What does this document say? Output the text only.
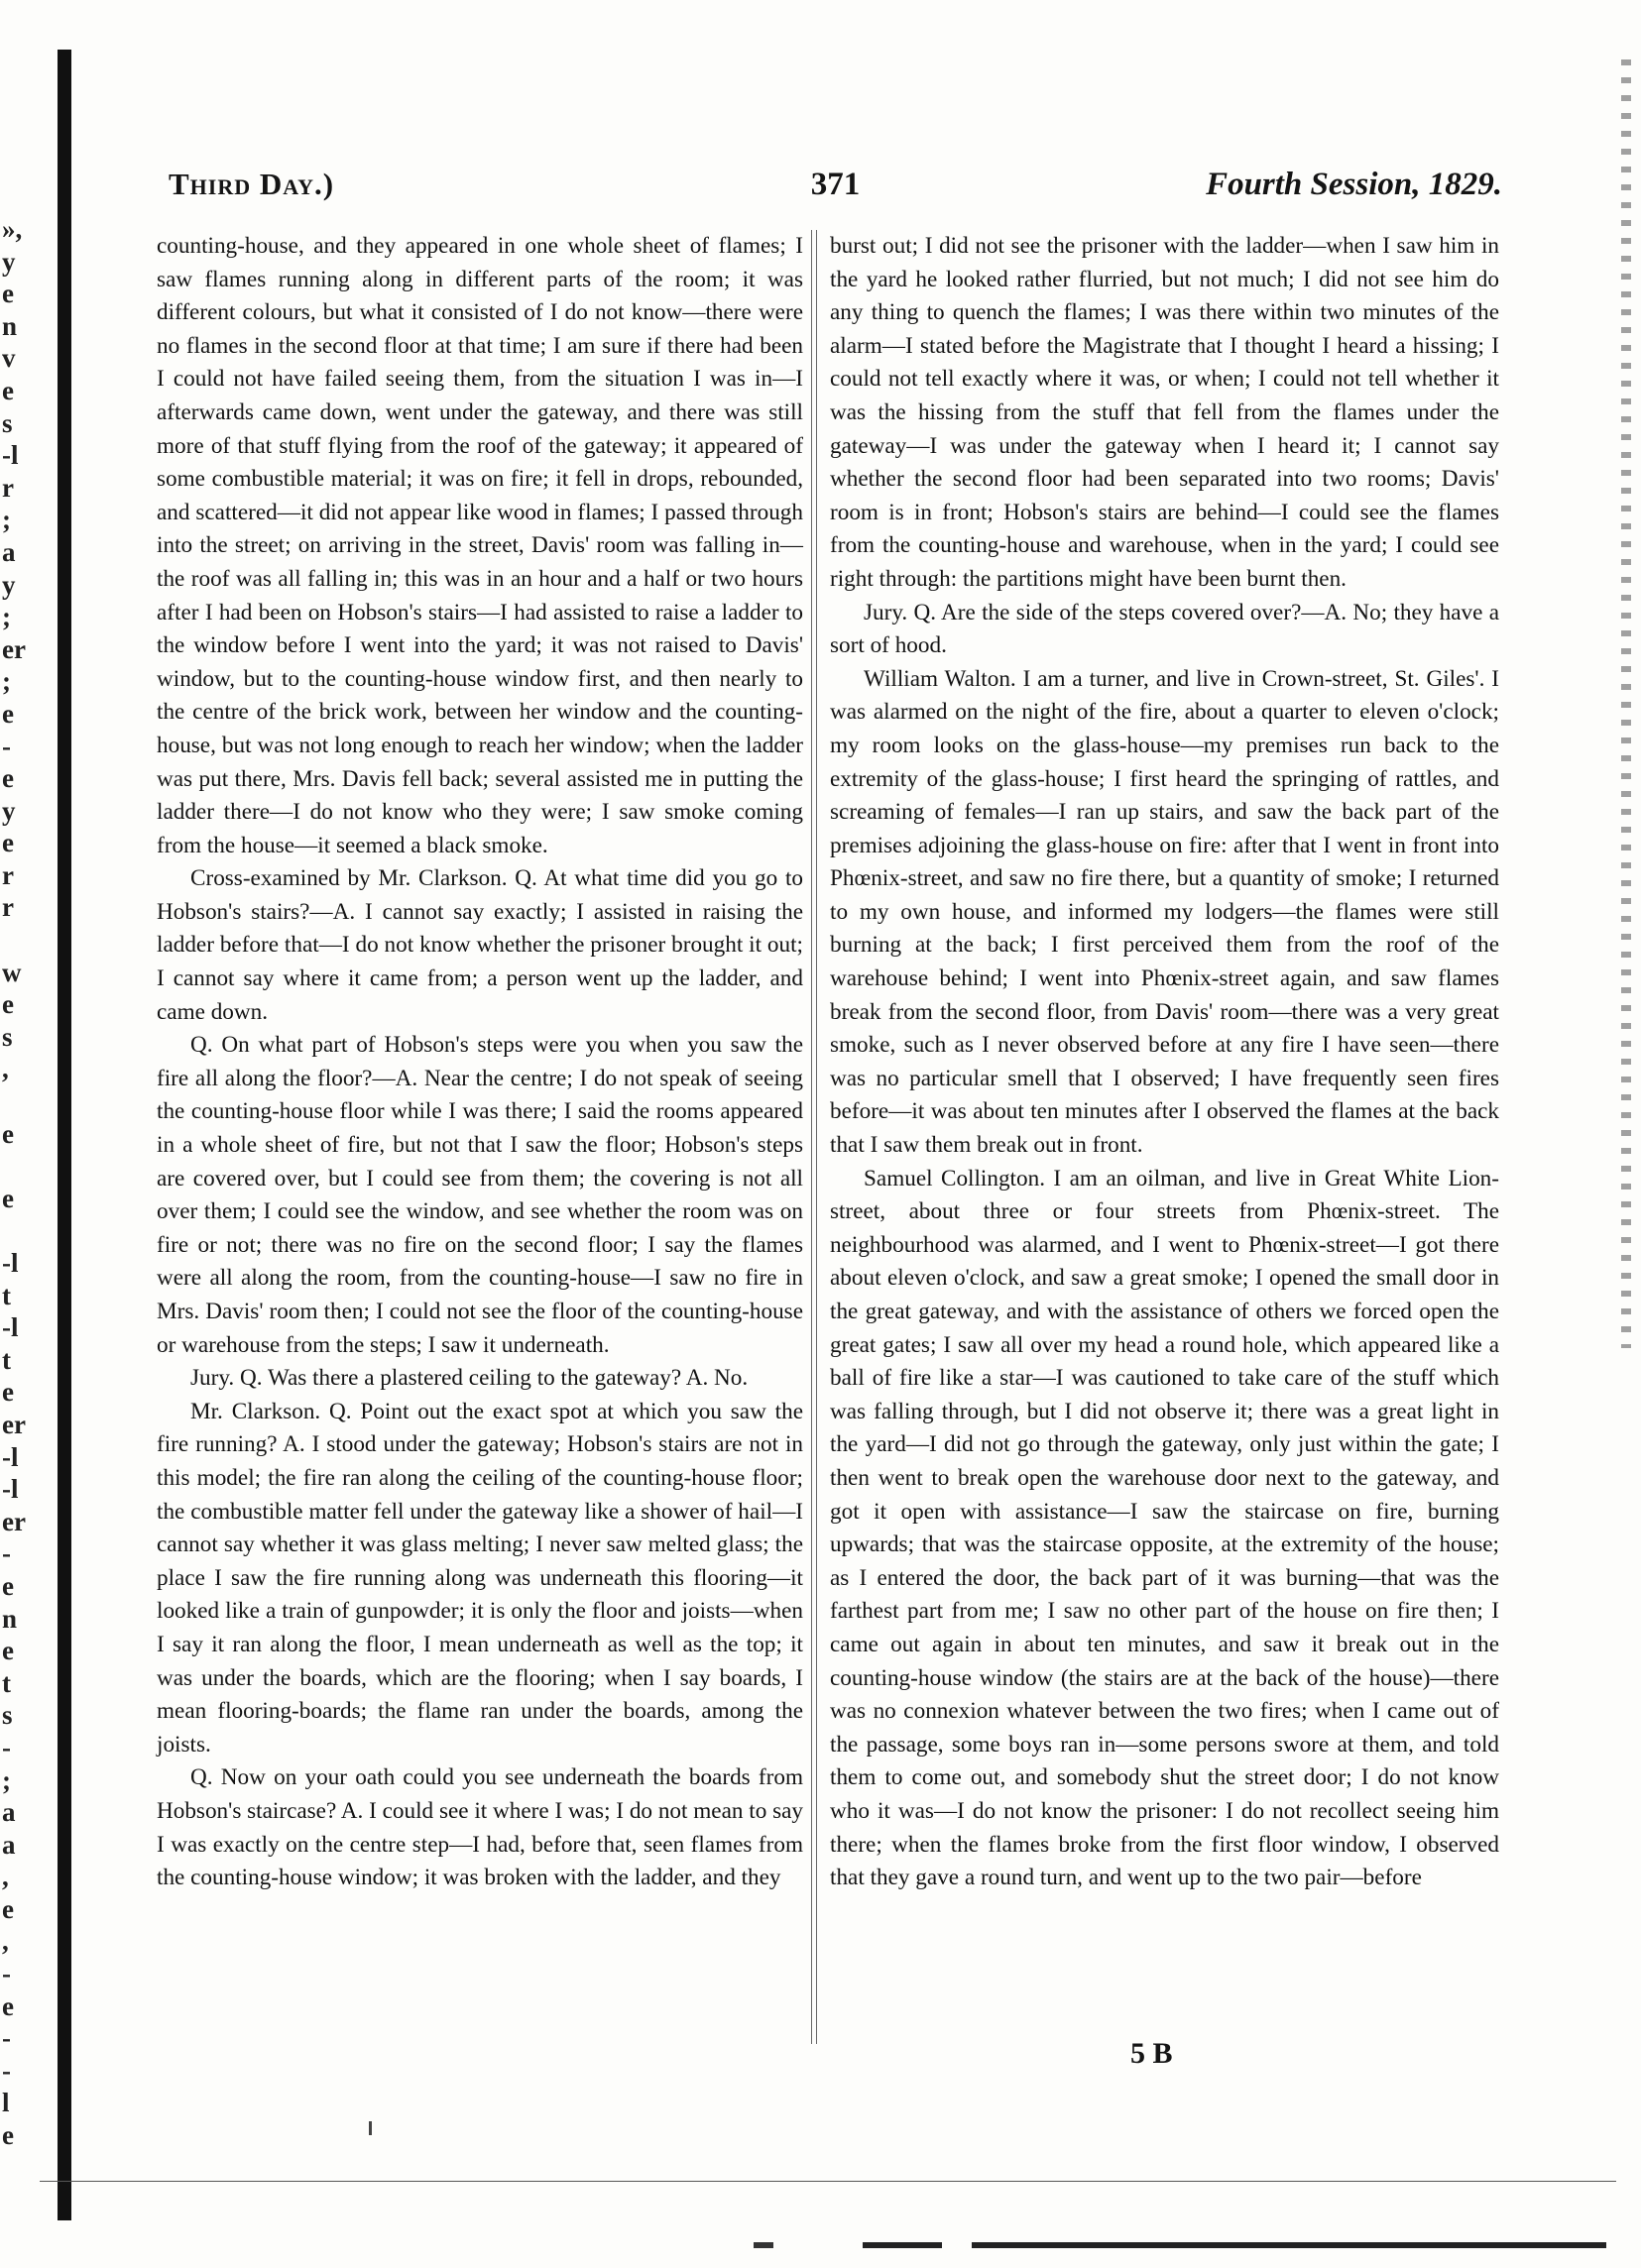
»,
y
e
n
v
e
s
-l
r
;
a
y
;
er
;
e
-
e
y
e
r
r
w
e
s
,
e
e
-l
t
-l
t
e
er
-l
-l
er
-
e
n
e
t
s
-
;
a
a
,
e
,
-
e
-
-
l
e
371
Third Day.)	Fourth Session, 1829.

counting-house, and they appeared in one whole sheet of flames; I saw flames running along in different parts of the room; it was different colours, but what it consisted of I do not know—there were no flames in the second floor at that time; I am sure if there had been I could not have failed seeing them, from the situation I was in—I afterwards came down, went under the gateway, and there was still more of that stuff flying from the roof of the gateway; it appeared of some combustible material; it was on fire; it fell in drops, rebounded, and scattered—it did not appear like wood in flames; I passed through into the street; on arriving in the street, Davis' room was falling in—the roof was all falling in; this was in an hour and a half or two hours after I had been on Hobson's stairs—I had assisted to raise a ladder to the window before I went into the yard; it was not raised to Davis' window, but to the counting-house window first, and then nearly to the centre of the brick work, between her window and the counting-house, but was not long enough to reach her window; when the ladder was put there, Mrs. Davis fell back; several assisted me in putting the ladder there—I do not know who they were; I saw smoke coming from the house—it seemed a black smoke.

Cross-examined by Mr. Clarkson. Q. At what time did you go to Hobson's stairs?—A. I cannot say exactly; I assisted in raising the ladder before that—I do not know whether the prisoner brought it out; I cannot say where it came from; a person went up the ladder, and came down.

Q. On what part of Hobson's steps were you when you saw the fire all along the floor?—A. Near the centre; I do not speak of seeing the counting-house floor while I was there; I said the rooms appeared in a whole sheet of fire, but not that I saw the floor; Hobson's steps are covered over, but I could see from them; the covering is not all over them; I could see the window, and see whether the room was on fire or not; there was no fire on the second floor; I say the flames were all along the room, from the counting-house—I saw no fire in Mrs. Davis' room then; I could not see the floor of the counting-house or warehouse from the steps; I saw it underneath.

Jury. Q. Was there a plastered ceiling to the gateway? A. No.

Mr. Clarkson. Q. Point out the exact spot at which you saw the fire running? A. I stood under the gateway; Hobson's stairs are not in this model; the fire ran along the ceiling of the counting-house floor; the combustible matter fell under the gateway like a shower of hail—I cannot say whether it was glass melting; I never saw melted glass; the place I saw the fire running along was underneath this flooring—it looked like a train of gunpowder; it is only the floor and joists—when I say it ran along the floor, I mean underneath as well as the top; it was under the boards, which are the flooring; when I say boards, I mean flooring-boards; the flame ran under the boards, among the joists.

Q. Now on your oath could you see underneath the boards from Hobson's staircase? A. I could see it where I was; I do not mean to say I was exactly on the centre step—I had, before that, seen flames from the counting-house window; it was broken with the ladder, and they

burst out; I did not see the prisoner with the ladder—when I saw him in the yard he looked rather flurried, but not much; I did not see him do any thing to quench the flames; I was there within two minutes of the alarm—I stated before the Magistrate that I thought I heard a hissing; I could not tell exactly where it was, or when; I could not tell whether it was the hissing from the stuff that fell from the flames under the gateway—I was under the gateway when I heard it; I cannot say whether the second floor had been separated into two rooms; Davis' room is in front; Hobson's stairs are behind—I could see the flames from the counting-house and warehouse, when in the yard; I could see right through: the partitions might have been burnt then.

Jury. Q. Are the side of the steps covered over?—A. No; they have a sort of hood.

William Walton. I am a turner, and live in Crown-street, St. Giles'. I was alarmed on the night of the fire, about a quarter to eleven o'clock; my room looks on the glass-house—my premises run back to the extremity of the glass-house; I first heard the springing of rattles, and screaming of females—I ran up stairs, and saw the back part of the premises adjoining the glass-house on fire: after that I went in front into Phœnix-street, and saw no fire there, but a quantity of smoke; I returned to my own house, and informed my lodgers—the flames were still burning at the back; I first perceived them from the roof of the warehouse behind; I went into Phœnix-street again, and saw flames break from the second floor, from Davis' room—there was a very great smoke, such as I never observed before at any fire I have seen—there was no particular smell that I observed; I have frequently seen fires before—it was about ten minutes after I observed the flames at the back that I saw them break out in front.

Samuel Collington. I am an oilman, and live in Great White Lion-street, about three or four streets from Phœnix-street. The neighbourhood was alarmed, and I went to Phœnix-street—I got there about eleven o'clock, and saw a great smoke; I opened the small door in the great gateway, and with the assistance of others we forced open the great gates; I saw all over my head a round hole, which appeared like a ball of fire like a star—I was cautioned to take care of the stuff which was falling through, but I did not observe it; there was a great light in the yard—I did not go through the gateway, only just within the gate; I then went to break open the warehouse door next to the gateway, and got it open with assistance—I saw the staircase on fire, burning upwards; that was the staircase opposite, at the extremity of the house; as I entered the door, the back part of it was burning—that was the farthest part from me; I saw no other part of the house on fire then; I came out again in about ten minutes, and saw it break out in the counting-house window (the stairs are at the back of the house)—there was no connexion whatever between the two fires; when I came out of the passage, some boys ran in—some persons swore at them, and told them to come out, and somebody shut the street door; I do not know who it was—I do not know the prisoner: I do not recollect seeing him there; when the flames broke from the first floor window, I observed that they gave a round turn, and went up to the two pair—before

5 B
